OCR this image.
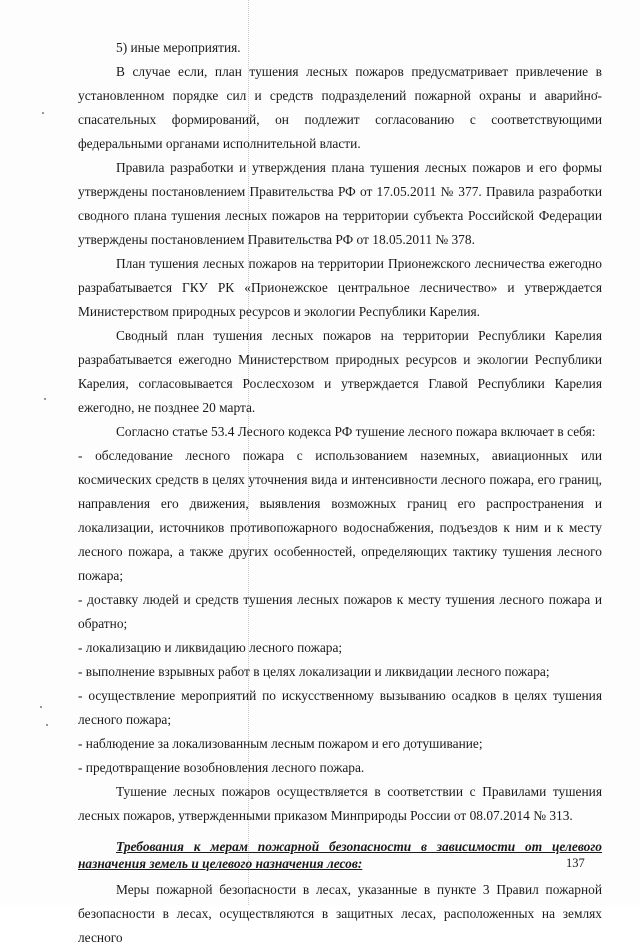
5) иные мероприятия.

В случае если, план тушения лесных пожаров предусматривает привлечение в установленном порядке сил и средств подразделений пожарной охраны и аварийно-спасательных формирований, он подлежит согласованию с соответствующими федеральными органами исполнительной власти.

Правила разработки и утверждения плана тушения лесных пожаров и его формы утверждены постановлением Правительства РФ от 17.05.2011 № 377. Правила разработки сводного плана тушения лесных пожаров на территории субъекта Российской Федерации утверждены постановлением Правительства РФ от 18.05.2011 № 378.

План тушения лесных пожаров на территории Прионежского лесничества ежегодно разрабатывается ГКУ РК «Прионежское центральное лесничество» и утверждается Министерством природных ресурсов и экологии Республики Карелия.

Сводный план тушения лесных пожаров на территории Республики Карелия разрабатывается ежегодно Министерством природных ресурсов и экологии Республики Карелия, согласовывается Рослесхозом и утверждается Главой Республики Карелия ежегодно, не позднее 20 марта.

Согласно статье 53.4 Лесного кодекса РФ тушение лесного пожара включает в себя:

- обследование лесного пожара с использованием наземных, авиационных или космических средств в целях уточнения вида и интенсивности лесного пожара, его границ, направления его движения, выявления возможных границ его распространения и локализации, источников противопожарного водоснабжения, подъездов к ним и к месту лесного пожара, а также других особенностей, определяющих тактику тушения лесного пожара;

- доставку людей и средств тушения лесных пожаров к месту тушения лесного пожара и обратно;

- локализацию и ликвидацию лесного пожара;

- выполнение взрывных работ в целях локализации и ликвидации лесного пожара;

- осуществление мероприятий по искусственному вызыванию осадков в целях тушения лесного пожара;

- наблюдение за локализованным лесным пожаром и его дотушивание;

- предотвращение возобновления лесного пожара.

Тушение лесных пожаров осуществляется в соответствии с Правилами тушения лесных пожаров, утвержденными приказом Минприроды России от 08.07.2014 № 313.

Требования к мерам пожарной безопасности в зависимости от целевого назначения земель и целевого назначения лесов:

Меры пожарной безопасности в лесах, указанные в пункте 3 Правил пожарной безопасности в лесах, осуществляются в защитных лесах, расположенных на землях лесного

137
